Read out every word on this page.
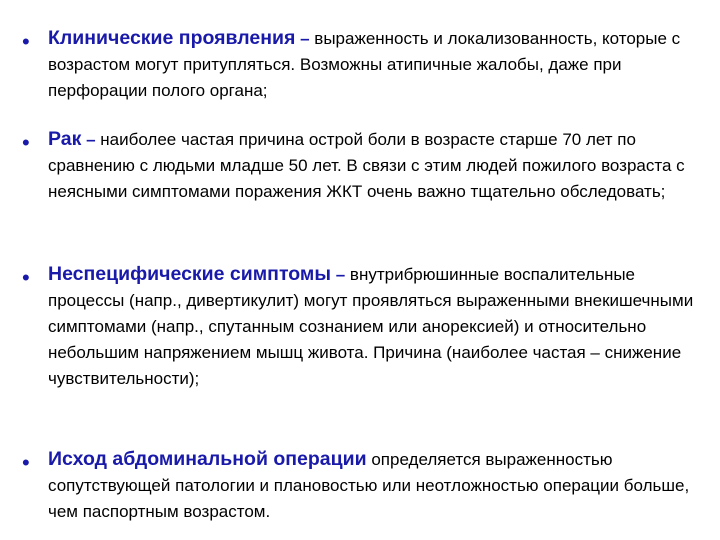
• Клинические проявления – выраженность и локализованность, которые с возрастом могут притупляться. Возможны атипичные жалобы, даже при перфорации полого органа;
• Рак – наиболее частая причина острой боли в возрасте старше 70 лет по сравнению с людьми младше 50 лет. В связи с этим людей пожилого возраста с неясными симптомами поражения ЖКТ очень важно тщательно обследовать;
• Неспецифические симптомы – внутрибрюшинные воспалительные процессы (напр., дивертикулит) могут проявляться выраженными внекишечными симптомами (напр., спутанным сознанием или анорексией) и относительно небольшим напряжением мышц живота. Причина (наиболее частая – снижение чувствительности);
• Исход абдоминальной операции определяется выраженностью сопутствующей патологии и плановостью или неотложностью операции больше, чем паспортным возрастом.
